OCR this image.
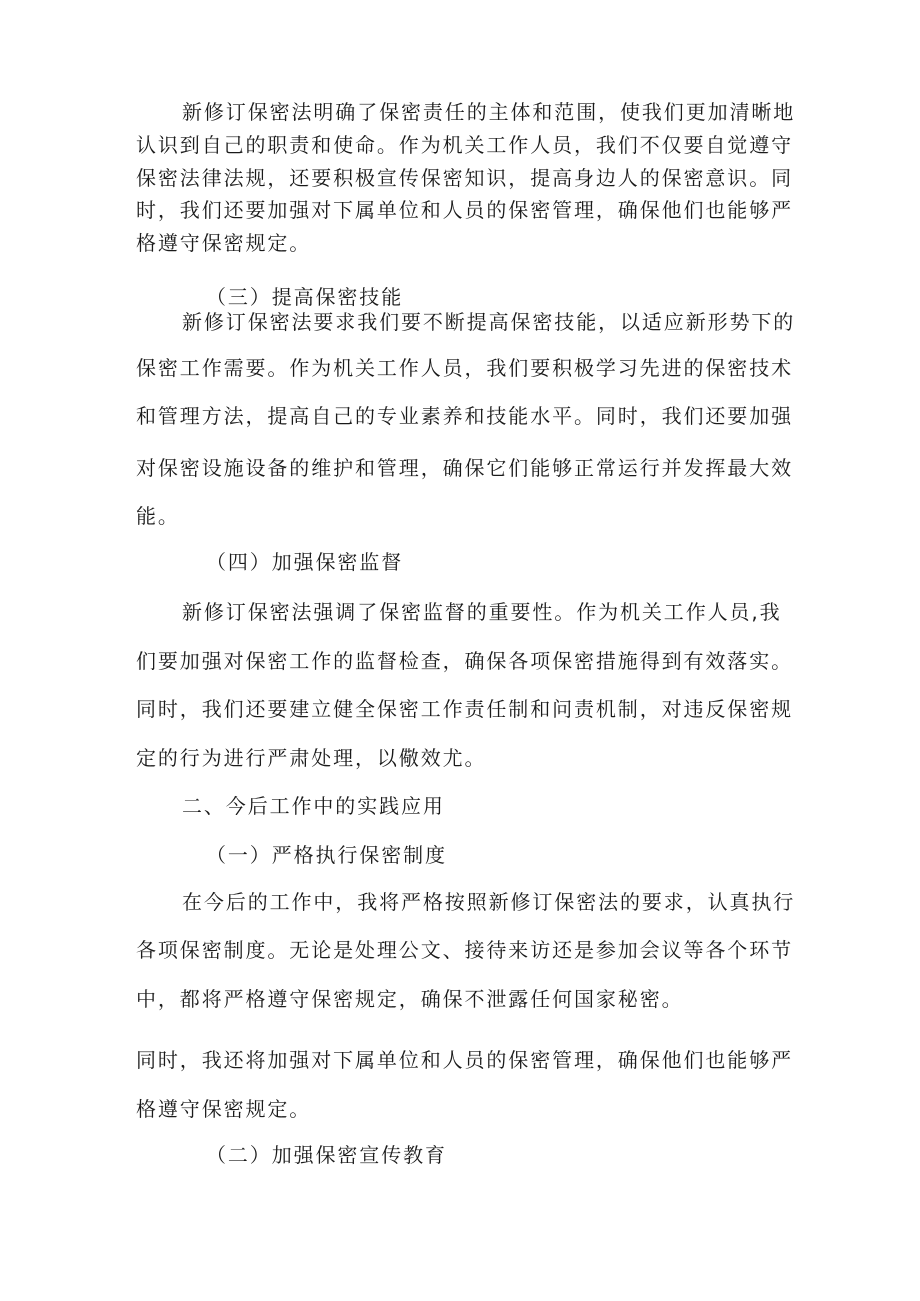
新修订保密法明确了保密责任的主体和范围，使我们更加清晰地
认识到自己的职责和使命。作为机关工作人员，我们不仅要自觉遵守
保密法律法规，还要积极宣传保密知识，提高身边人的保密意识。同
时，我们还要加强对下属单位和人员的保密管理，确保他们也能够严
格遵守保密规定。
（三）提高保密技能
新修订保密法要求我们要不断提高保密技能，以适应新形势下的
保密工作需要。作为机关工作人员，我们要积极学习先进的保密技术
和管理方法，提高自己的专业素养和技能水平。同时，我们还要加强
对保密设施设备的维护和管理，确保它们能够正常运行并发挥最大效
能。
（四）加强保密监督
新修订保密法强调了保密监督的重要性。作为机关工作人员,我
们要加强对保密工作的监督检查，确保各项保密措施得到有效落实。
同时，我们还要建立健全保密工作责任制和问责机制，对违反保密规
定的行为进行严肃处理，以儆效尤。
二、今后工作中的实践应用
（一）严格执行保密制度
在今后的工作中，我将严格按照新修订保密法的要求，认真执行
各项保密制度。无论是处理公文、接待来访还是参加会议等各个环节
中，都将严格遵守保密规定，确保不泄露任何国家秘密。
同时，我还将加强对下属单位和人员的保密管理，确保他们也能够严
格遵守保密规定。
（二）加强保密宣传教育
